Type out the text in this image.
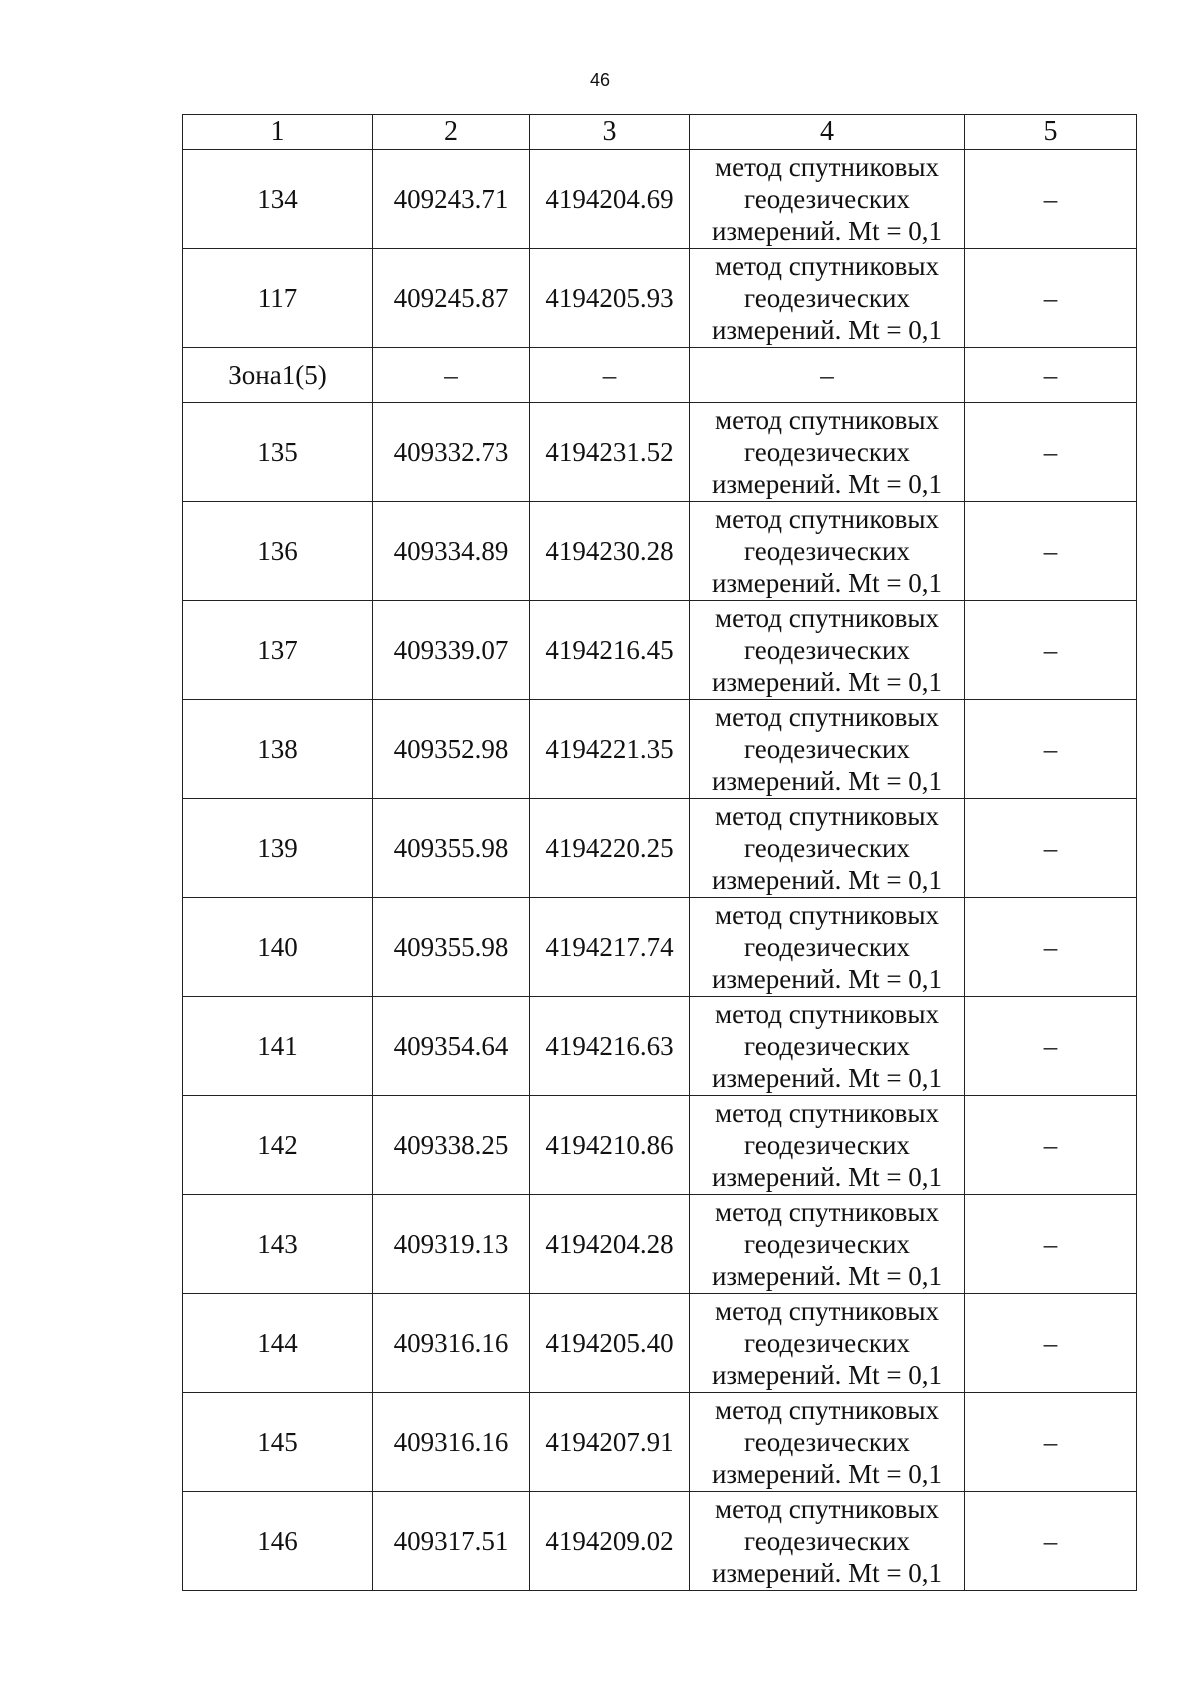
46
1	2	3	4	5
134	409243.71	4194204.69	метод спутниковых
геодезических
измерений. Mt = 0,1	–
117	409245.87	4194205.93	метод спутниковых
геодезических
измерений. Mt = 0,1	–
Зона1(5)	–	–	–	–
135	409332.73	4194231.52	метод спутниковых
геодезических
измерений. Mt = 0,1	–
136	409334.89	4194230.28	метод спутниковых
геодезических
измерений. Mt = 0,1	–
137	409339.07	4194216.45	метод спутниковых
геодезических
измерений. Mt = 0,1	–
138	409352.98	4194221.35	метод спутниковых
геодезических
измерений. Mt = 0,1	–
139	409355.98	4194220.25	метод спутниковых
геодезических
измерений. Mt = 0,1	–
140	409355.98	4194217.74	метод спутниковых
геодезических
измерений. Mt = 0,1	–
141	409354.64	4194216.63	метод спутниковых
геодезических
измерений. Mt = 0,1	–
142	409338.25	4194210.86	метод спутниковых
геодезических
измерений. Mt = 0,1	–
143	409319.13	4194204.28	метод спутниковых
геодезических
измерений. Mt = 0,1	–
144	409316.16	4194205.40	метод спутниковых
геодезических
измерений. Mt = 0,1	–
145	409316.16	4194207.91	метод спутниковых
геодезических
измерений. Mt = 0,1	–
146	409317.51	4194209.02	метод спутниковых
геодезических
измерений. Mt = 0,1	–
